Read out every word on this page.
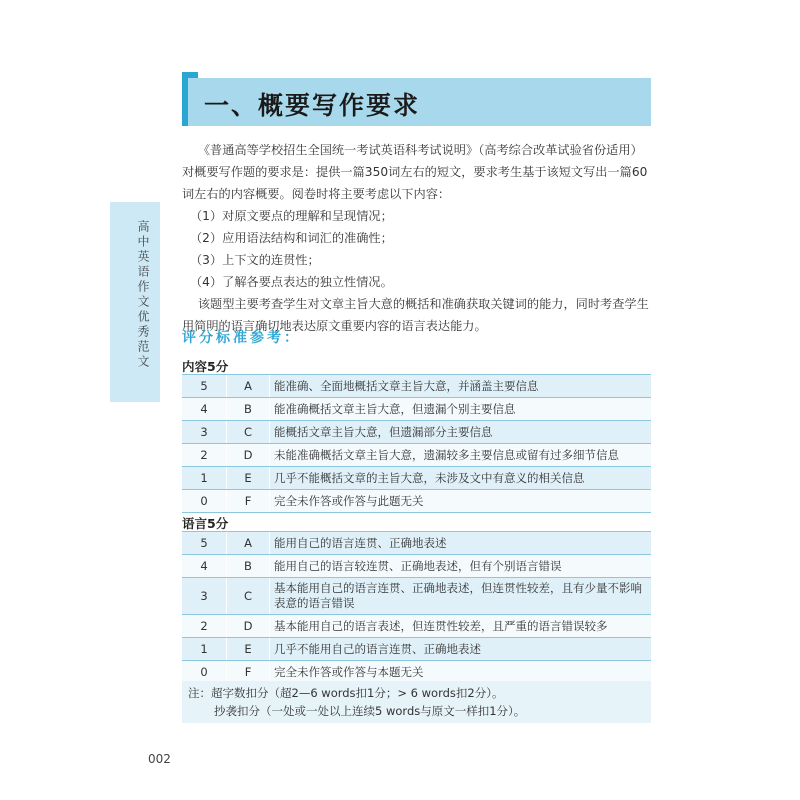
一、概要写作要求
高中英语作文优秀范文

《普通高等学校招生全国统一考试英语科考试说明》（高考综合改革试验省份适用）对概要写作题的要求是：提供一篇350词左右的短文，要求考生基于该短文写出一篇60词左右的内容概要。阅卷时将主要考虑以下内容：

（1）对原文要点的理解和呈现情况；

（2）应用语法结构和词汇的准确性；

（3）上下文的连贯性；

（4）了解各要点表达的独立性情况。

该题型主要考查学生对文章主旨大意的概括和准确获取关键词的能力，同时考查学生用简明的语言确切地表达原文重要内容的语言表达能力。

评分标准参考：
内容5分
5	A	能准确、全面地概括文章主旨大意，并涵盖主要信息
4	B	能准确概括文章主旨大意，但遗漏个别主要信息
3	C	能概括文章主旨大意，但遗漏部分主要信息
2	D	未能准确概括文章主旨大意，遗漏较多主要信息或留有过多细节信息
1	E	几乎不能概括文章的主旨大意，未涉及文中有意义的相关信息
0	F	完全未作答或作答与此题无关
语言5分
5	A	能用自己的语言连贯、正确地表述
4	B	能用自己的语言较连贯、正确地表述，但有个别语言错误
3	C	基本能用自己的语言连贯、正确地表述，但连贯性较差，且有少量不影响表意的语言错误
2	D	基本能用自己的语言表述，但连贯性较差，且严重的语言错误较多
1	E	几乎不能用自己的语言连贯、正确地表述
0	F	完全未作答或作答与本题无关
注：超字数扣分（超2—6 words扣1分；> 6 words扣2分）。
抄袭扣分（一处或一处以上连续5 words与原文一样扣1分）。
002
